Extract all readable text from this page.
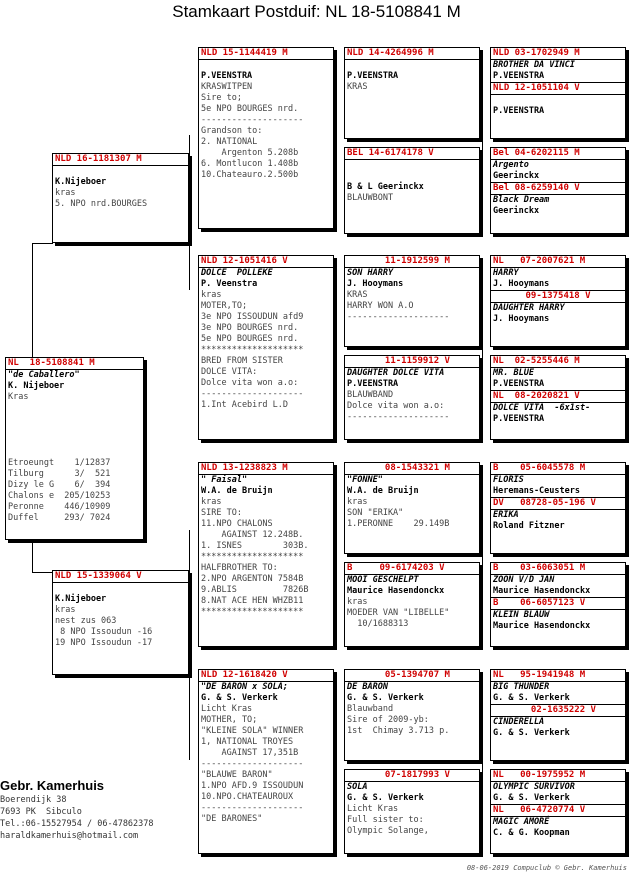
Stamkaart Postduif: NL 18-5108841 M
NL  18-5108841 M
"de Caballero"
K. Nijeboer
Kras
Etroeungt    1/12837
Tilburg      3/  521
Dizy le G    6/  394
Chalons e  205/10253
Peronne    446/10909
Duffel     293/ 7024
NLD 16-1181307 M
K.Nijeboer
kras
5. NPO nrd.BOURGES
NLD 15-1339064 V
K.Nijeboer
kras
nest zus 063
8 NPO Issoudun -16
19 NPO Issoudun -17
NLD 15-1144419 M
P.VEENSTRA
KRASWITPEN
Sire to;
5e NPO BOURGES nrd.
--------------------
Grandson to:
2. NATIONAL
Argenton 5.208b
6. Montlucon 1.408b
10.Chateauro.2.500b
NLD 12-1051416 V
DOLCE  POLLEKE
P. Veenstra
kras
MOTER,TO;
3e NPO ISSOUDUN afd9
3e NPO BOURGES nrd.
5e NPO BOURGES nrd.
********************
BRED FROM SISTER
DOLCE VITA:
Dolce vita won a.o:
--------------------
1.Int Acebird L.D
NLD 13-1238823 M
" Faisal"
W.A. de Bruijn
kras
SIRE TO:
11.NPO CHALONS
AGAINST 12.248B.
1. ISNES        303B.
********************
HALFBROTHER TO:
2.NPO ARGENTON 7584B
9.ABLIS         7826B
8.NAT ACE HEN WHZB11
********************
NLD 12-1618420 V
"DE BARON x SOLA;
G. & S. Verkerk
Licht Kras
MOTHER, TO;
"KLEINE SOLA" WINNER
1, NATIONAL TROYES
AGAINST 17,351B
--------------------
"BLAUWE BARON"
1.NPO AFD.9 ISSOUDUN
10.NPO.CHATEAUROUX
--------------------
"DE BARONES"
NLD 14-4264996 M
P.VEENSTRA
KRAS
BEL 14-6174178 V
B & L Geerinckx
BLAUWBONT
11-1912599 M
SON HARRY
J. Hooymans
KRAS
HARRY WON A.O
--------------------
11-1159912 V
DAUGHTER DOLCE VITA
P.VEENSTRA
BLAUWBAND
Dolce vita won a.o:
--------------------
08-1543321 M
"FONNE"
W.A. de Bruijn
kras
SON "ERIKA"
1.PERONNE    29.149B
B     09-6174203 V
MOOI GESCHELPT
Maurice Hasendonckx
kras
MOEDER VAN "LIBELLE"
10/1688313
05-1394707 M
DE BARON
G. & S. Verkerk
Blauwband
Sire of 2009-yb:
1st  Chimay 3.713 p.
07-1817993 V
SOLA
G. & S. Verkerk
Licht Kras
Full sister to:
Olympic Solange,
NLD 03-1702949 M
BROTHER DA VINCI
P.VEENSTRA
NLD 12-1051104 V
P.VEENSTRA
Bel 04-6202115 M
Argento
Geerinckx
Bel 08-6259140 V
Black Dream
Geerinckx
NL   07-2007621 M
HARRY
J. Hooymans
09-1375418 V
DAUGHTER HARRY
J. Hooymans
NL  02-5255446 M
MR. BLUE
P.VEENSTRA
NL  08-2020821 V
DOLCE VITA  -6x1st-
P.VEENSTRA
B    05-6045578 M
FLORIS
Heremans-Ceusters
DV   08728-05-196 V
ERIKA
Roland Fitzner
B    03-6063051 M
ZOON V/D JAN
Maurice Hasendonckx
B    06-6057123 V
KLEIN BLAUW
Maurice Hasendonckx
NL   95-1941948 M
BIG THUNDER
G. & S. Verkerk
02-1635222 V
CINDERELLA
G. & S. Verkerk
NL   00-1975952 M
OLYMPIC SURVIVOR
G. & S. Verkerk
NL   06-4720774 V
MAGIC AMORÉ
C. & G. Koopman
Gebr. Kamerhuis
Boerendijk 38
7693 PK  Sibculo
Tel.:06-15527954 / 06-47862378
haraldkamerhuis@hotmail.com
08-06-2019 Compuclub © Gebr. Kamerhuis
